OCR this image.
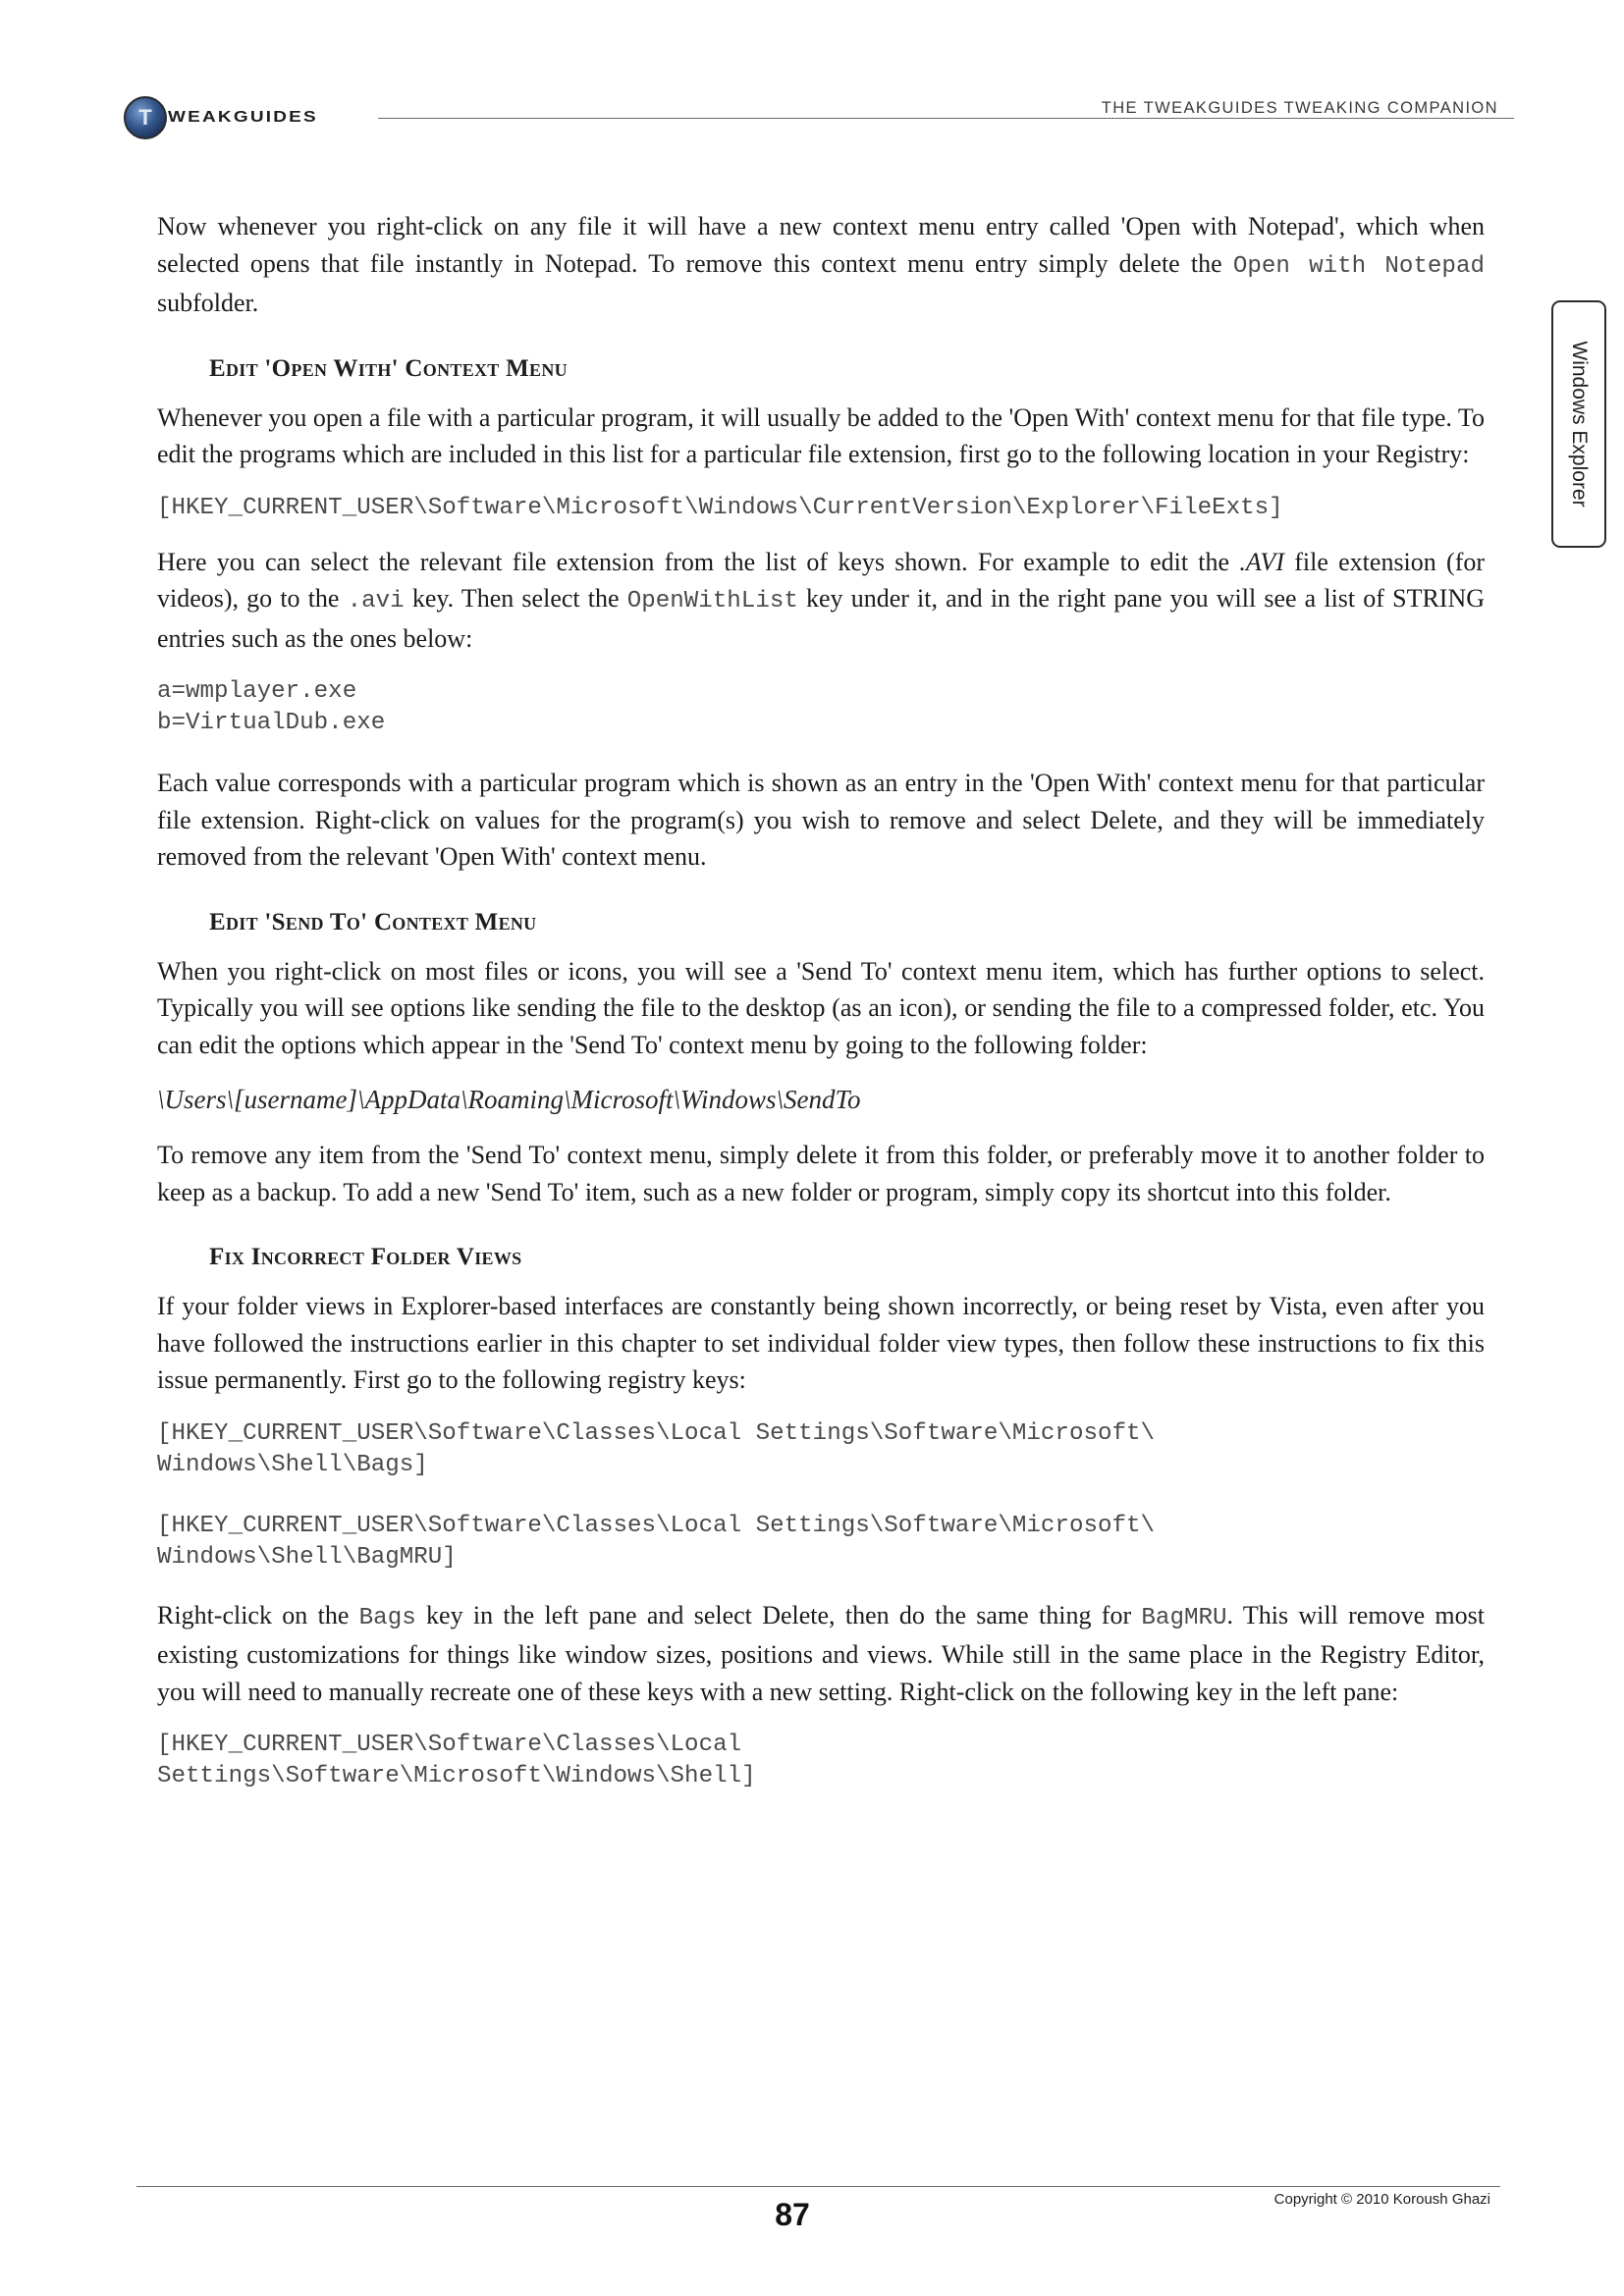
T WEAKGUIDES
THE TWEAKGUIDES TWEAKING COMPANION
Windows Explorer

Now whenever you right-click on any file it will have a new context menu entry called 'Open with Notepad', which when selected opens that file instantly in Notepad. To remove this context menu entry simply delete the Open with Notepad subfolder.

Edit 'Open With' Context Menu

Whenever you open a file with a particular program, it will usually be added to the 'Open With' context menu for that file type. To edit the programs which are included in this list for a particular file extension, first go to the following location in your Registry:

[HKEY_CURRENT_USER\Software\Microsoft\Windows\CurrentVersion\Explorer\FileExts]

Here you can select the relevant file extension from the list of keys shown. For example to edit the .AVI file extension (for videos), go to the .avi key. Then select the OpenWithList key under it, and in the right pane you will see a list of STRING entries such as the ones below:

a=wmplayer.exe
b=VirtualDub.exe

Each value corresponds with a particular program which is shown as an entry in the 'Open With' context menu for that particular file extension. Right-click on values for the program(s) you wish to remove and select Delete, and they will be immediately removed from the relevant 'Open With' context menu.

Edit 'Send To' Context Menu

When you right-click on most files or icons, you will see a 'Send To' context menu item, which has further options to select. Typically you will see options like sending the file to the desktop (as an icon), or sending the file to a compressed folder, etc. You can edit the options which appear in the 'Send To' context menu by going to the following folder:

\Users\[username]\AppData\Roaming\Microsoft\Windows\SendTo

To remove any item from the 'Send To' context menu, simply delete it from this folder, or preferably move it to another folder to keep as a backup. To add a new 'Send To' item, such as a new folder or program, simply copy its shortcut into this folder.

Fix Incorrect Folder Views

If your folder views in Explorer-based interfaces are constantly being shown incorrectly, or being reset by Vista, even after you have followed the instructions earlier in this chapter to set individual folder view types, then follow these instructions to fix this issue permanently. First go to the following registry keys:

[HKEY_CURRENT_USER\Software\Classes\Local Settings\Software\Microsoft\
Windows\Shell\Bags]
[HKEY_CURRENT_USER\Software\Classes\Local Settings\Software\Microsoft\
Windows\Shell\BagMRU]

Right-click on the Bags key in the left pane and select Delete, then do the same thing for BagMRU. This will remove most existing customizations for things like window sizes, positions and views. While still in the same place in the Registry Editor, you will need to manually recreate one of these keys with a new setting. Right-click on the following key in the left pane:

[HKEY_CURRENT_USER\Software\Classes\Local
Settings\Software\Microsoft\Windows\Shell]
Copyright © 2010 Koroush Ghazi
87
